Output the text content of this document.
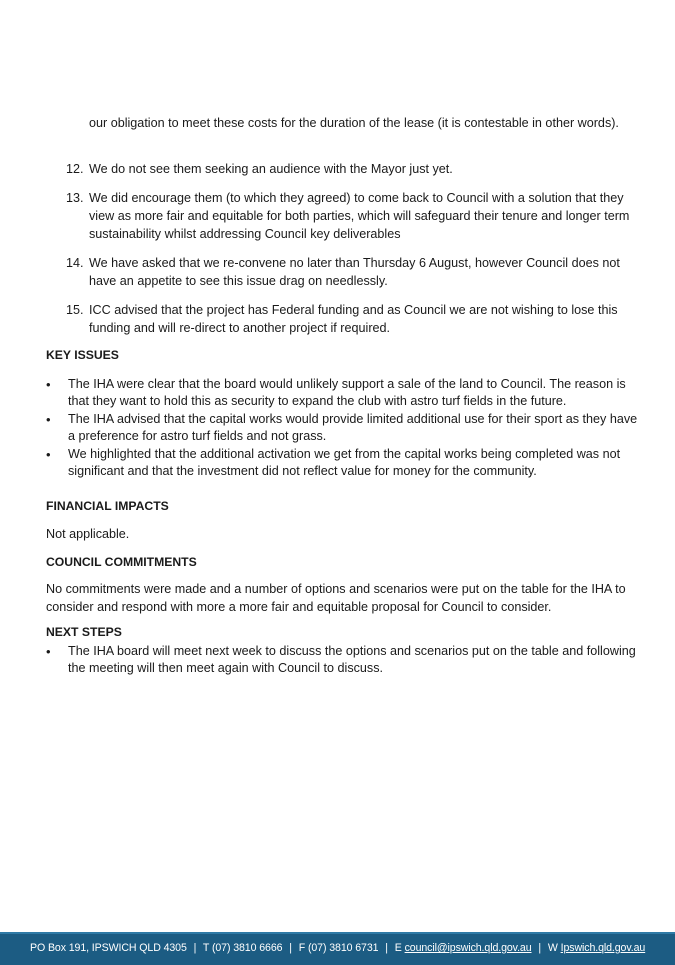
our obligation to meet these costs for the duration of the lease (it is contestable in other words).
12. We do not see them seeking an audience with the Mayor just yet.
13. We did encourage them (to which they agreed) to come back to Council with a solution that they view as more fair and equitable for both parties, which will safeguard their tenure and longer term sustainability whilst addressing Council key deliverables
14. We have asked that we re-convene no later than Thursday 6 August, however Council does not have an appetite to see this issue drag on needlessly.
15. ICC advised that the project has Federal funding and as Council we are not wishing to lose this funding and will re-direct to another project if required.
KEY ISSUES
•	The IHA were clear that the board would unlikely support a sale of the land to Council. The reason is that they want to hold this as security to expand the club with astro turf fields in the future.
•	The IHA advised that the capital works would provide limited additional use for their sport as they have a preference for astro turf fields and not grass.
•	We highlighted that the additional activation we get from the capital works being completed was not significant and that the investment did not reflect value for money for the community.
FINANCIAL IMPACTS
Not applicable.
COUNCIL COMMITMENTS
No commitments were made and a number of options and scenarios were put on the table for the IHA to consider and respond with more a more fair and equitable proposal for Council to consider.
NEXT STEPS
•	The IHA board will meet next week to discuss the options and scenarios put on the table and following the meeting will then meet again with Council to discuss.
PO Box 191, IPSWICH QLD 4305 | T (07) 3810 6666 | F (07) 3810 6731 | E council@ipswich.qld.gov.au | W Ipswich.qld.gov.au
